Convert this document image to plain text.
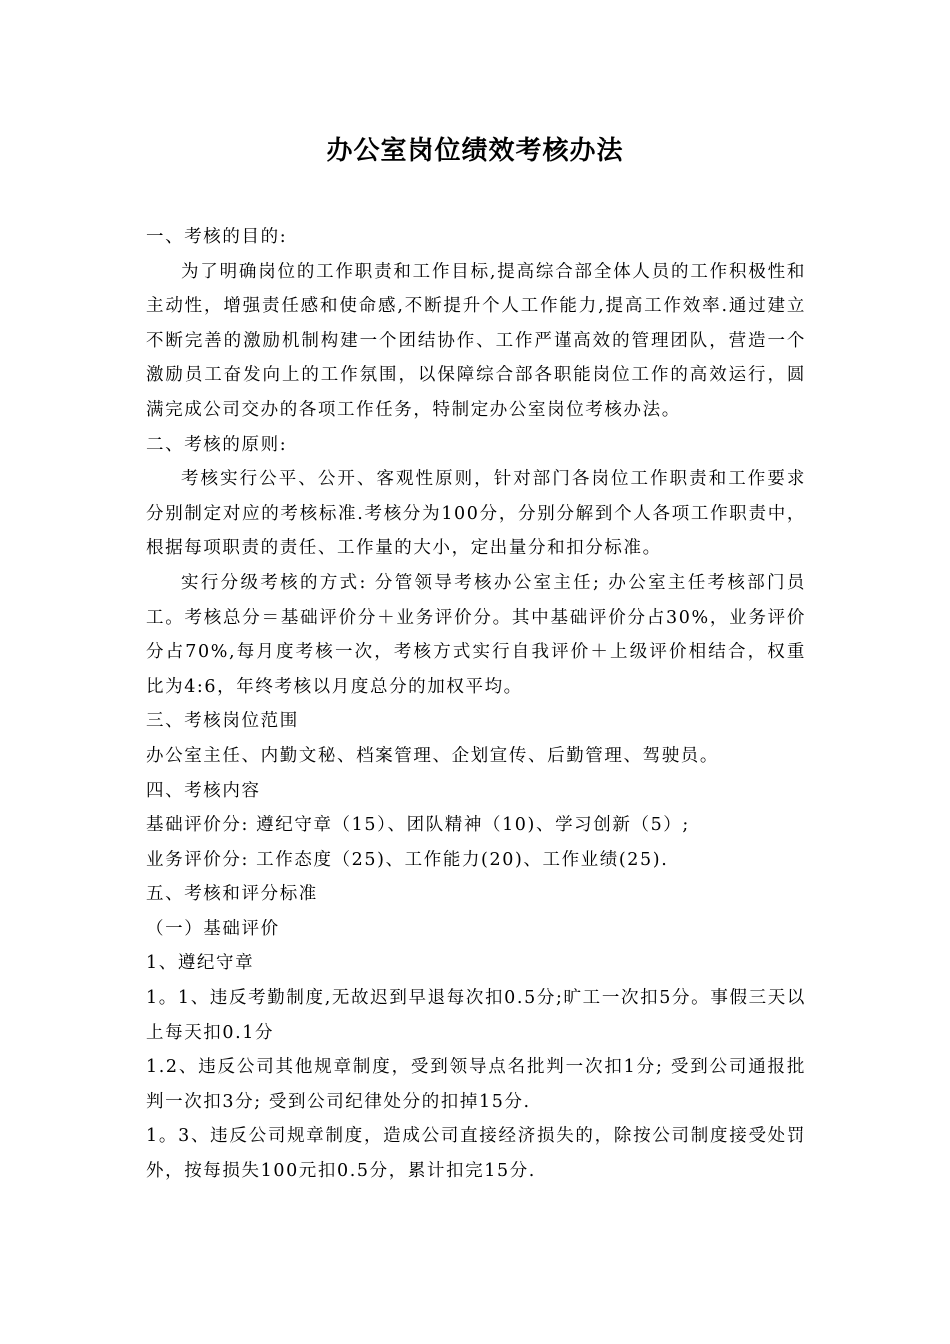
办公室岗位绩效考核办法

一、考核的目的:

为了明确岗位的工作职责和工作目标,提高综合部全体人员的工作积极性和主动性，增强责任感和使命感,不断提升个人工作能力,提高工作效率.通过建立不断完善的激励机制构建一个团结协作、工作严谨高效的管理团队，营造一个激励员工奋发向上的工作氛围，以保障综合部各职能岗位工作的高效运行，圆满完成公司交办的各项工作任务，特制定办公室岗位考核办法。

二、考核的原则:

考核实行公平、公开、客观性原则，针对部门各岗位工作职责和工作要求分别制定对应的考核标准.考核分为100分，分别分解到个人各项工作职责中，根据每项职责的责任、工作量的大小，定出量分和扣分标准。

实行分级考核的方式: 分管领导考核办公室主任; 办公室主任考核部门员工。考核总分＝基础评价分＋业务评价分。其中基础评价分占30%，业务评价分占70%,每月度考核一次，考核方式实行自我评价＋上级评价相结合，权重比为4:6，年终考核以月度总分的加权平均。

三、考核岗位范围

办公室主任、内勤文秘、档案管理、企划宣传、后勤管理、驾驶员。

四、考核内容

基础评价分: 遵纪守章（15）、团队精神（10)、学习创新（5）;

业务评价分: 工作态度（25)、工作能力(20)、工作业绩(25).

五、考核和评分标准

（一）基础评价

1、遵纪守章

1。1、违反考勤制度,无故迟到早退每次扣0.5分;旷工一次扣5分。事假三天以上每天扣0.1分

1.2、违反公司其他规章制度，受到领导点名批判一次扣1分; 受到公司通报批判一次扣3分; 受到公司纪律处分的扣掉15分.

1。3、违反公司规章制度，造成公司直接经济损失的，除按公司制度接受处罚外，按每损失100元扣0.5分，累计扣完15分.
